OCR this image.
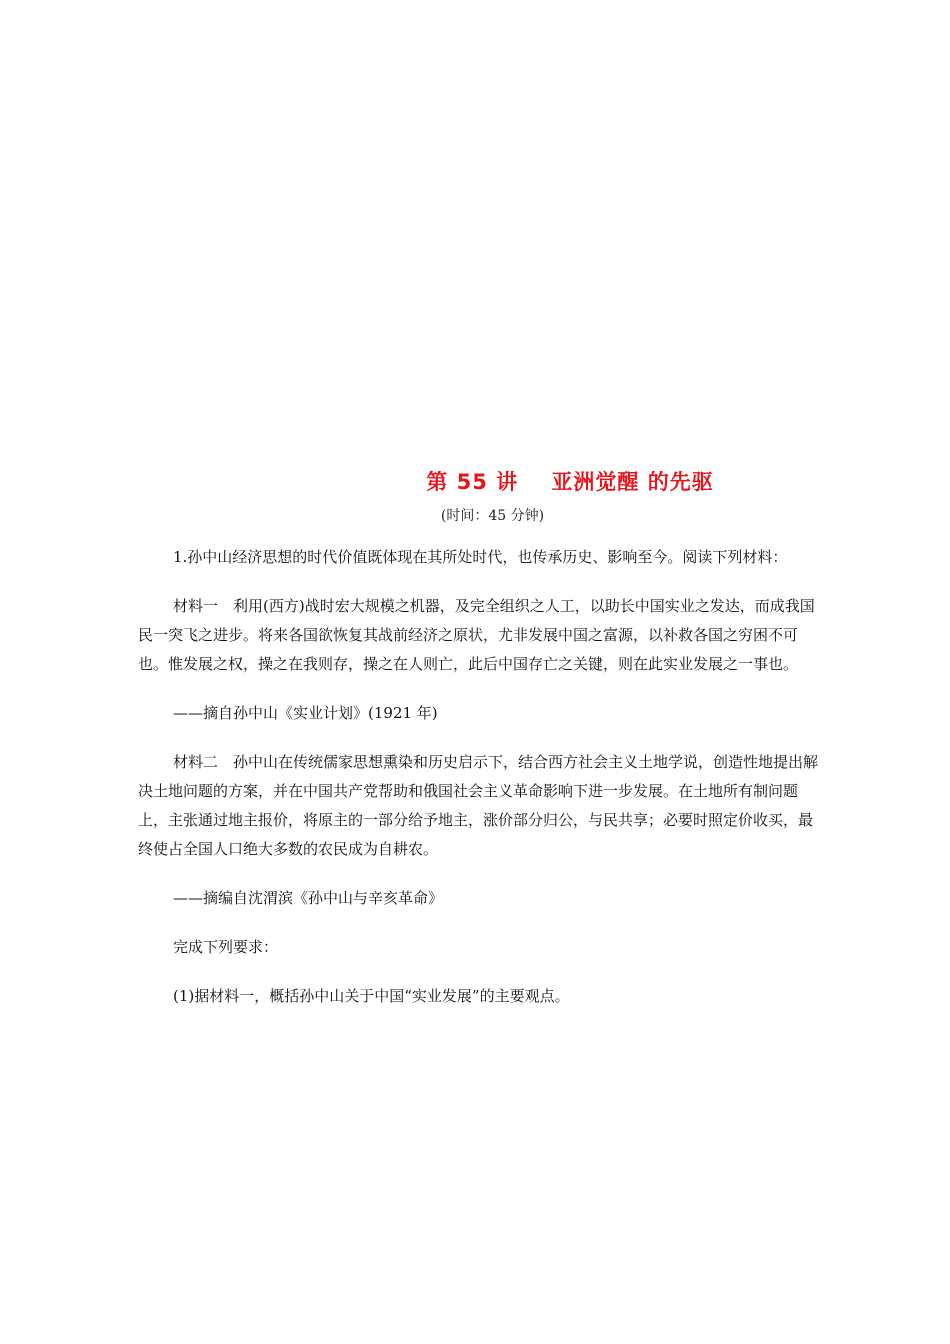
第 55 讲    亚洲觉醒 的先驱
(时间：45 分钟)

1.孙中山经济思想的时代价值既体现在其所处时代，也传承历史、影响至今。阅读下列材料：

材料一　利用(西方)战时宏大规模之机器，及完全组织之人工，以助长中国实业之发达，而成我国民一突飞之进步。将来各国欲恢复其战前经济之原状，尤非发展中国之富源，以补救各国之穷困不可也。惟发展之权，操之在我则存，操之在人则亡，此后中国存亡之关键，则在此实业发展之一事也。

——摘自孙中山《实业计划》(1921 年)

材料二　孙中山在传统儒家思想熏染和历史启示下，结合西方社会主义土地学说，创造性地提出解决土地问题的方案，并在中国共产党帮助和俄国社会主义革命影响下进一步发展。在土地所有制问题上，主张通过地主报价，将原主的一部分给予地主，涨价部分归公，与民共享；必要时照定价收买，最终使占全国人口绝大多数的农民成为自耕农。

——摘编自沈渭滨《孙中山与辛亥革命》

完成下列要求：

(1)据材料一，概括孙中山关于中国“实业发展”的主要观点。
